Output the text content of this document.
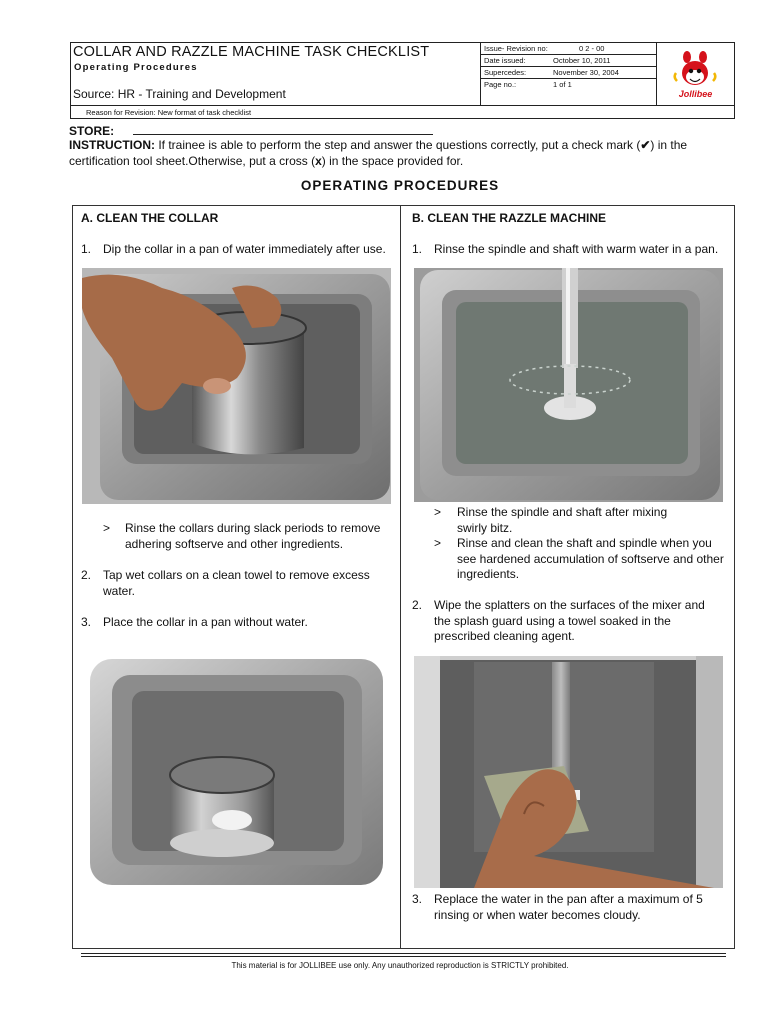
COLLAR AND RAZZLE MACHINE TASK CHECKLIST
Operating Procedures
Source: HR - Training and Development
Issue- Revision no:	0 2 - 00
Date issued:	October 10, 2011
Supercedes:	November 30, 2004
Page no.:	1 of 1
Jollibee
Reason for Revision: New format of task checklist
STORE:
INSTRUCTION: If trainee is able to perform the step and answer the questions correctly, put a check mark (✔) in the certification tool sheet.Otherwise, put a cross (x) in the space provided for.
OPERATING PROCEDURES
A. CLEAN THE COLLAR
1. Dip the collar in a pan of water immediately after use.
> Rinse the collars during slack periods to remove adhering softserve and other ingredients.
2. Tap wet collars on a clean towel to remove excess water.
3. Place the collar in a pan without water.
B. CLEAN THE RAZZLE MACHINE
1. Rinse the spindle and shaft with warm water in a pan.
> Rinse the spindle and shaft after mixing swirly bitz.
> Rinse and clean the shaft and spindle when you see hardened accumulation of softserve and other ingredients.
2. Wipe the splatters on the surfaces of the mixer and the splash guard using a towel soaked in the prescribed cleaning agent.
3. Replace the water in the pan after a maximum of 5 rinsing or when water becomes cloudy.
This material is for JOLLIBEE use only. Any unauthorized reproduction is STRICTLY prohibited.
